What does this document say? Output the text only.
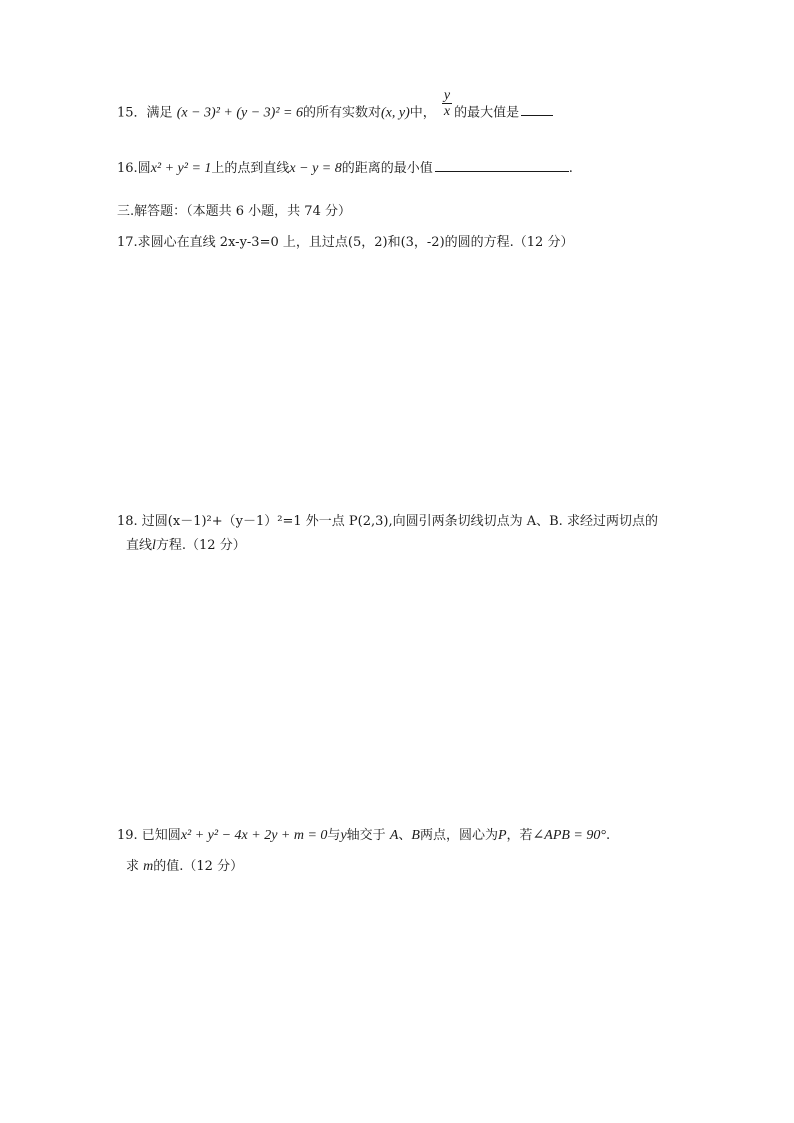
15．满足 (x − 3)² + (y − 3)² = 6的所有实数对(x, y)中， $\frac{y}{x}$ 的最大值是
16.圆x² + y² = 1上的点到直线x − y = 8的距离的最小值	.
三.解答题：（本题共 6 小题，共 74 分）
17.求圆心在直线 2x-y-3=0 上，且过点(5，2)和(3，-2)的圆的方程.（12 分）
18. 过圆(x－1)²+（y－1）²=1 外一点 P(2,3),向圆引两条切线切点为 A、B. 求经过两切点的
直线l方程.（12 分）
19. 已知圆x² + y² − 4x + 2y + m = 0与y轴交于 A、B两点，圆心为P，若∠APB = 90°.
求 m的值.（12 分）
